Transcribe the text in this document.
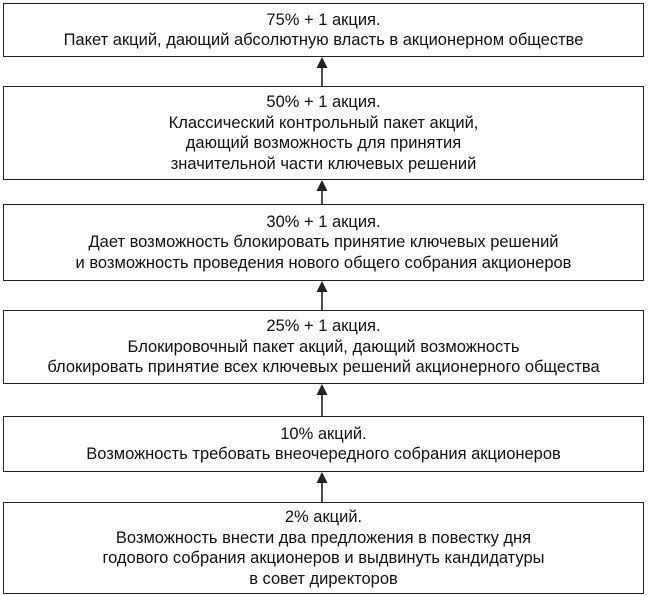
75% + 1 акция.
Пакет акций, дающий абсолютную власть в акционерном обществе
50% + 1 акция.
Классический контрольный пакет акций,
дающий возможность для принятия
значительной части ключевых решений
30% + 1 акция.
Дает возможность блокировать принятие ключевых решений
и возможность проведения нового общего собрания акционеров
25% + 1 акция.
Блокировочный пакет акций, дающий возможность
блокировать принятие всех ключевых решений акционерного общества
10% акций.
Возможность требовать внеочередного собрания акционеров
2% акций.
Возможность внести два предложения в повестку дня
годового собрания акционеров и выдвинуть кандидатуры
в совет директоров
